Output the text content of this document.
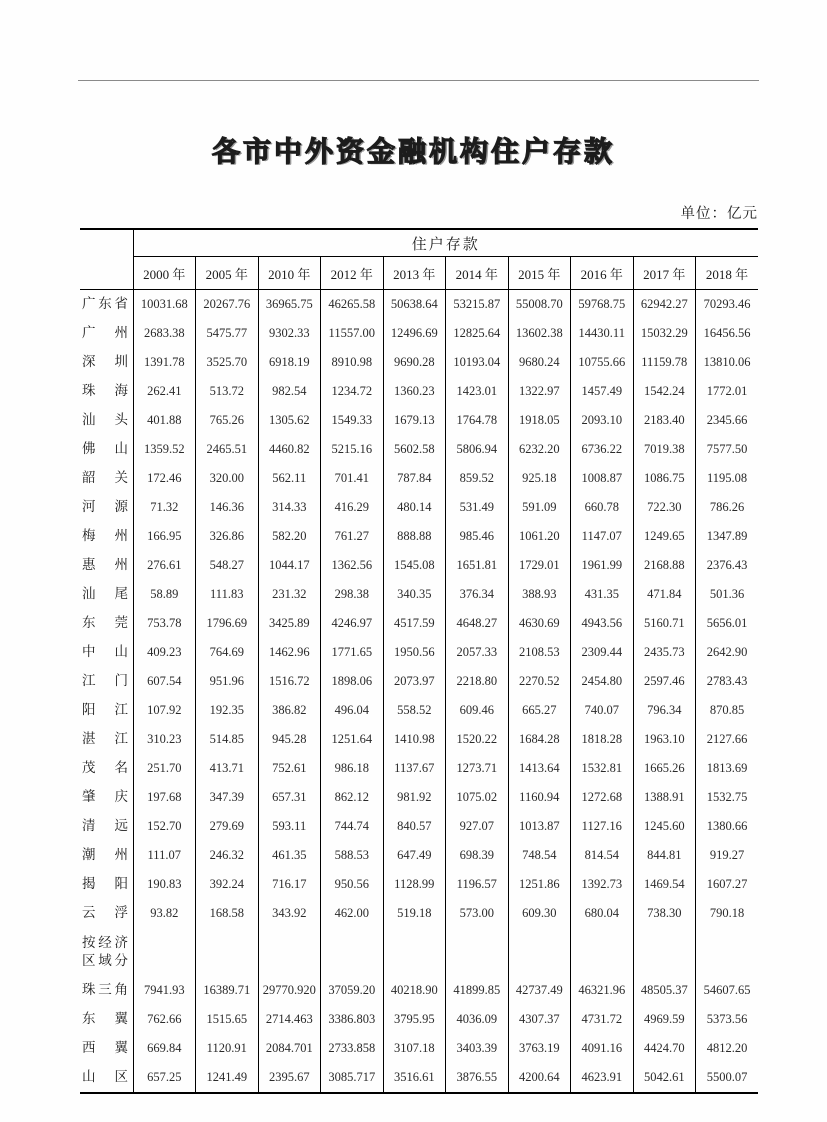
各市中外资金融机构住户存款
单位：亿元
	住户存款									
	2000 年	2005 年	2010 年	2012 年	2013 年	2014 年	2015 年	2016 年	2017 年	2018 年
广东省	10031.68	20267.76	36965.75	46265.58	50638.64	53215.87	55008.70	59768.75	62942.27	70293.46
广州	2683.38	5475.77	9302.33	11557.00	12496.69	12825.64	13602.38	14430.11	15032.29	16456.56
深圳	1391.78	3525.70	6918.19	8910.98	9690.28	10193.04	9680.24	10755.66	11159.78	13810.06
珠海	262.41	513.72	982.54	1234.72	1360.23	1423.01	1322.97	1457.49	1542.24	1772.01
汕头	401.88	765.26	1305.62	1549.33	1679.13	1764.78	1918.05	2093.10	2183.40	2345.66
佛山	1359.52	2465.51	4460.82	5215.16	5602.58	5806.94	6232.20	6736.22	7019.38	7577.50
韶关	172.46	320.00	562.11	701.41	787.84	859.52	925.18	1008.87	1086.75	1195.08
河源	71.32	146.36	314.33	416.29	480.14	531.49	591.09	660.78	722.30	786.26
梅州	166.95	326.86	582.20	761.27	888.88	985.46	1061.20	1147.07	1249.65	1347.89
惠州	276.61	548.27	1044.17	1362.56	1545.08	1651.81	1729.01	1961.99	2168.88	2376.43
汕尾	58.89	111.83	231.32	298.38	340.35	376.34	388.93	431.35	471.84	501.36
东莞	753.78	1796.69	3425.89	4246.97	4517.59	4648.27	4630.69	4943.56	5160.71	5656.01
中山	409.23	764.69	1462.96	1771.65	1950.56	2057.33	2108.53	2309.44	2435.73	2642.90
江门	607.54	951.96	1516.72	1898.06	2073.97	2218.80	2270.52	2454.80	2597.46	2783.43
阳江	107.92	192.35	386.82	496.04	558.52	609.46	665.27	740.07	796.34	870.85
湛江	310.23	514.85	945.28	1251.64	1410.98	1520.22	1684.28	1818.28	1963.10	2127.66
茂名	251.70	413.71	752.61	986.18	1137.67	1273.71	1413.64	1532.81	1665.26	1813.69
肇庆	197.68	347.39	657.31	862.12	981.92	1075.02	1160.94	1272.68	1388.91	1532.75
清远	152.70	279.69	593.11	744.74	840.57	927.07	1013.87	1127.16	1245.60	1380.66
潮州	111.07	246.32	461.35	588.53	647.49	698.39	748.54	814.54	844.81	919.27
揭阳	190.83	392.24	716.17	950.56	1128.99	1196.57	1251.86	1392.73	1469.54	1607.27
云浮	93.82	168.58	343.92	462.00	519.18	573.00	609.30	680.04	738.30	790.18
按经济区域分										
珠三角	7941.93	16389.71	29770.920	37059.20	40218.90	41899.85	42737.49	46321.96	48505.37	54607.65
东翼	762.66	1515.65	2714.463	3386.803	3795.95	4036.09	4307.37	4731.72	4969.59	5373.56
西翼	669.84	1120.91	2084.701	2733.858	3107.18	3403.39	3763.19	4091.16	4424.70	4812.20
山区	657.25	1241.49	2395.67	3085.717	3516.61	3876.55	4200.64	4623.91	5042.61	5500.07
